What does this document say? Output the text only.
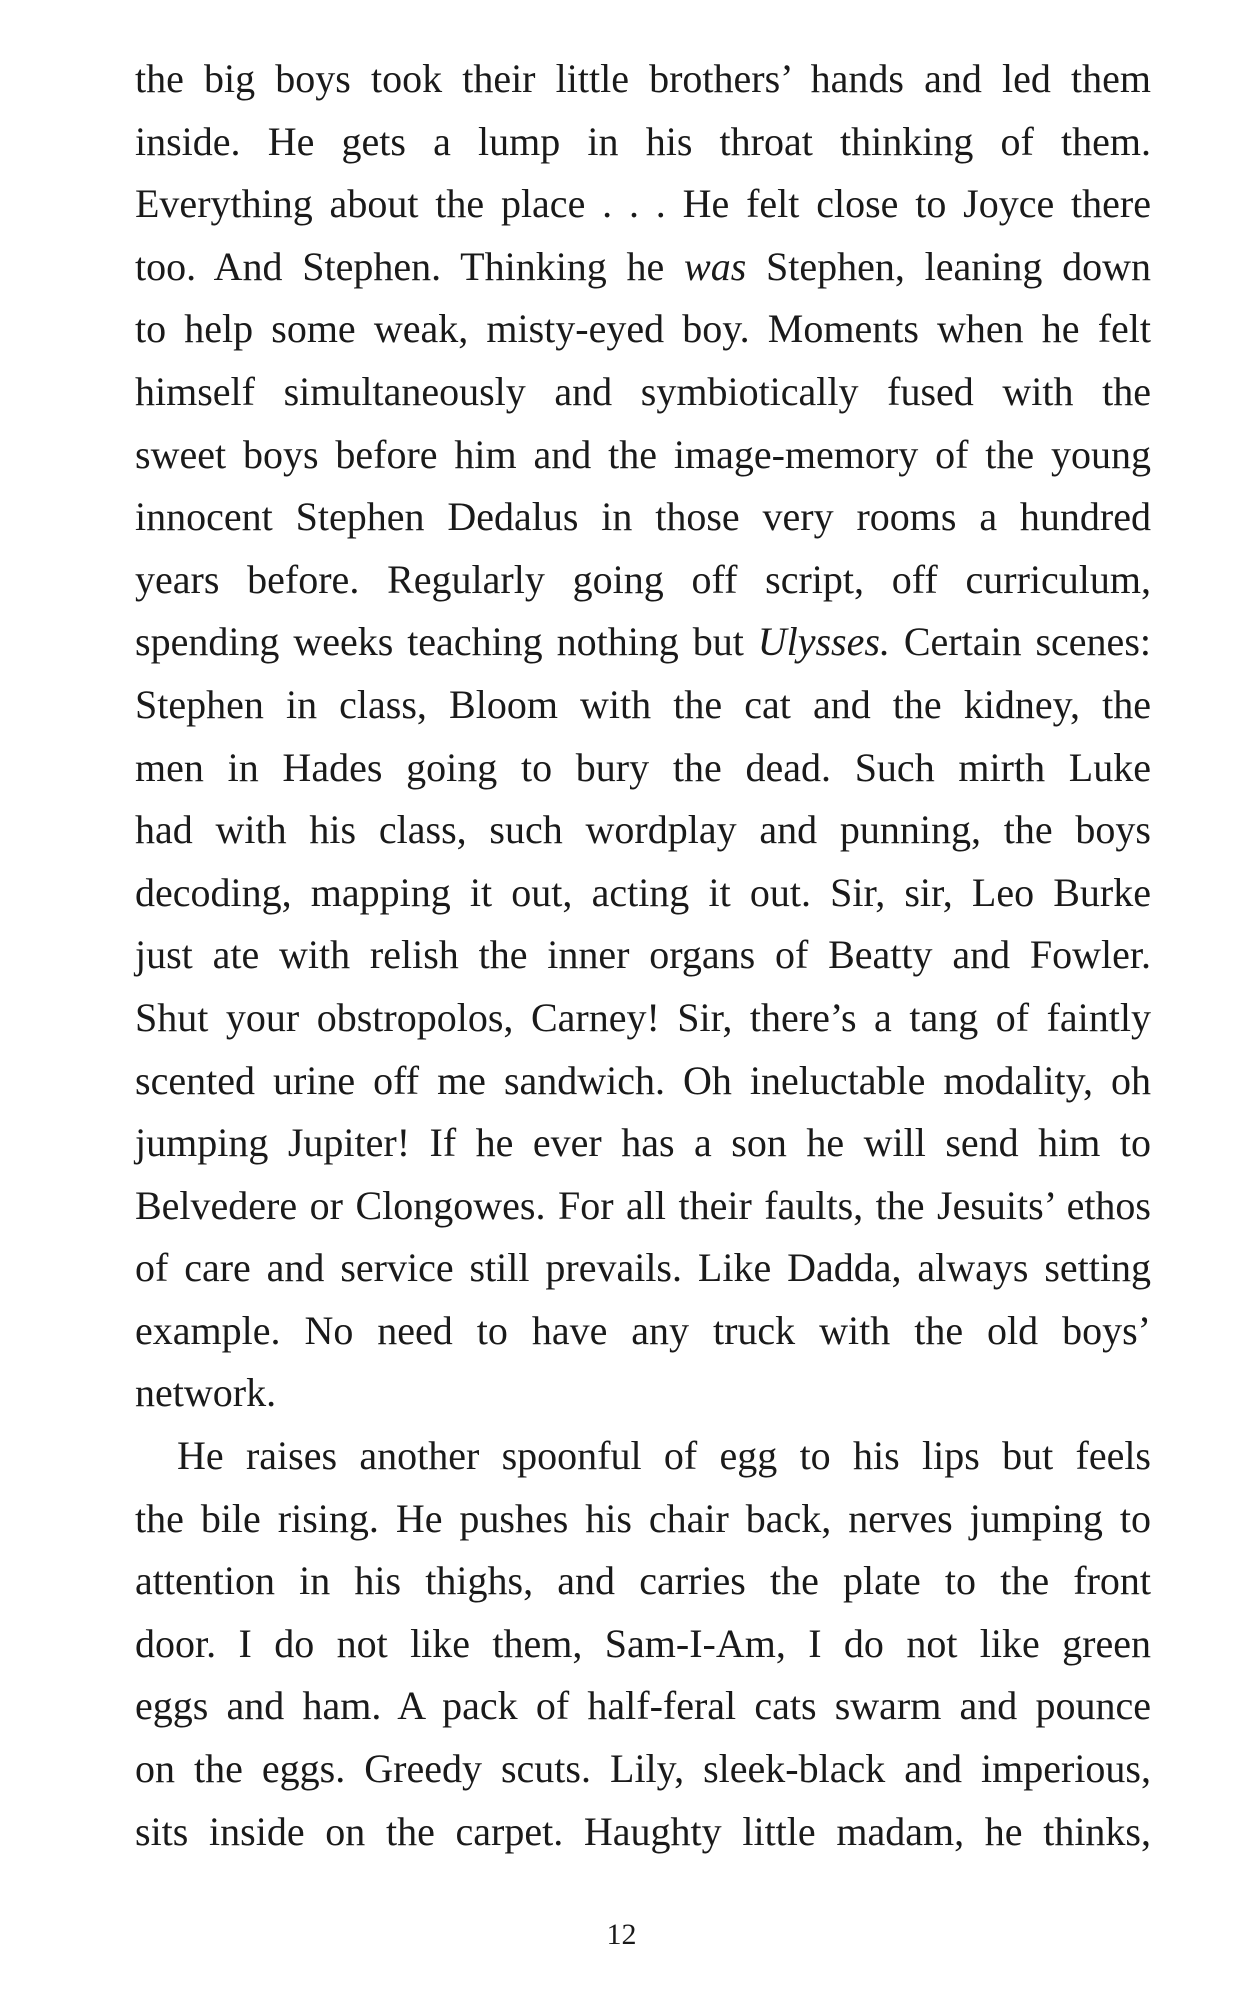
the big boys took their little brothers’ hands and led them
inside. He gets a lump in his throat thinking of them.
Everything about the place . . . He felt close to Joyce there
too. And Stephen. Thinking he was Stephen, leaning down
to help some weak, misty-eyed boy. Moments when he felt
himself simultaneously and symbiotically fused with the
sweet boys before him and the image-memory of the young
innocent Stephen Dedalus in those very rooms a hundred
years before. Regularly going off script, off curriculum,
spending weeks teaching nothing but Ulysses. Certain scenes:
Stephen in class, Bloom with the cat and the kidney, the
men in Hades going to bury the dead. Such mirth Luke
had with his class, such wordplay and punning, the boys
decoding, mapping it out, acting it out. Sir, sir, Leo Burke
just ate with relish the inner organs of Beatty and Fowler.
Shut your obstropolos, Carney! Sir, there’s a tang of faintly
scented urine off me sandwich. Oh ineluctable modality, oh
jumping Jupiter! If he ever has a son he will send him to
Belvedere or Clongowes. For all their faults, the Jesuits’ ethos
of care and service still prevails. Like Dadda, always setting
example. No need to have any truck with the old boys’
network.
He raises another spoonful of egg to his lips but feels
the bile rising. He pushes his chair back, nerves jumping to
attention in his thighs, and carries the plate to the front
door. I do not like them, Sam-I-Am, I do not like green
eggs and ham. A pack of half-feral cats swarm and pounce
on the eggs. Greedy scuts. Lily, sleek-black and imperious,
sits inside on the carpet. Haughty little madam, he thinks,
12
